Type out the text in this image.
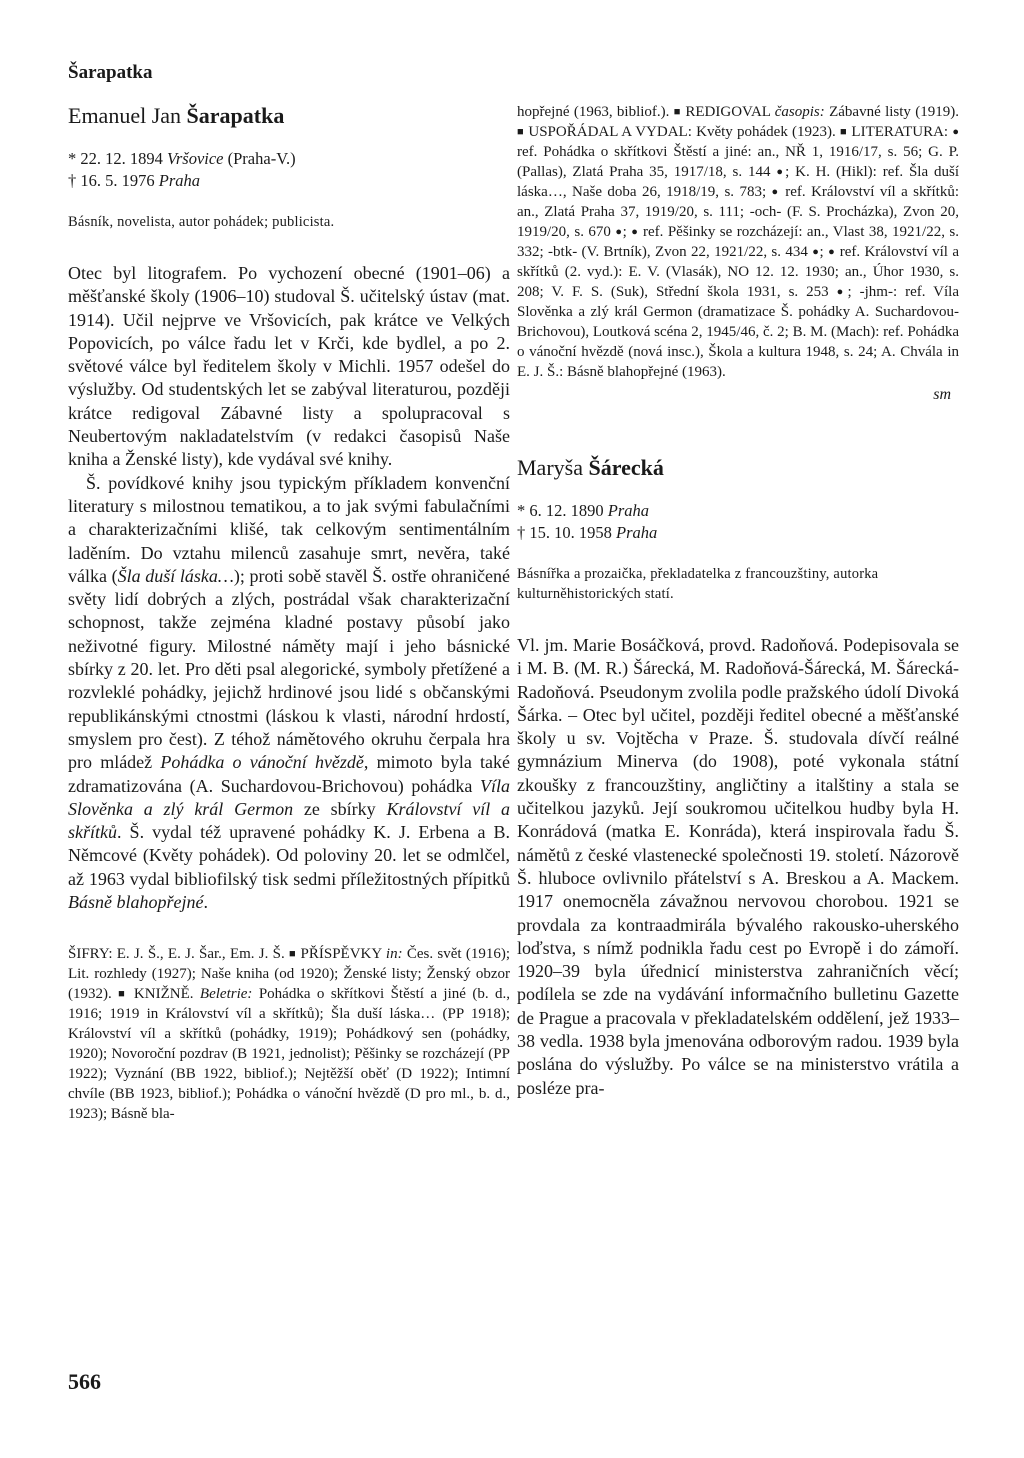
Šarapatka
Emanuel Jan Šarapatka
* 22. 12. 1894 Vršovice (Praha-V.)
† 16. 5. 1976 Praha
Básník, novelista, autor pohádek; publicista.

Otec byl litografem. Po vychození obecné (1901–06) a měšťanské školy (1906–10) studoval Š. učitelský ústav (mat. 1914). Učil nejprve ve Vršovicích, pak krátce ve Velkých Popovicích, po válce řadu let v Krči, kde bydlel, a po 2. světové válce byl ředitelem školy v Michli. 1957 odešel do výslužby. Od studentských let se zabýval literaturou, později krátce redigoval Zábavné listy a spolupracoval s Neubertovým nakladatelstvím (v redakci časopisů Naše kniha a Ženské listy), kde vydával své knihy.

Š. povídkové knihy jsou typickým příkladem konvenční literatury s milostnou tematikou, a to jak svými fabulačními a charakterizačními klišé, tak celkovým sentimentálním laděním. Do vztahu milenců zasahuje smrt, nevěra, také válka (Šla duší láska…); proti sobě stavěl Š. ostře ohraničené světy lidí dobrých a zlých, postrádal však charakterizační schopnost, takže zejména kladné postavy působí jako neživotné figury. Milostné náměty mají i jeho básnické sbírky z 20. let. Pro děti psal alegorické, symboly přetížené a rozvleklé pohádky, jejichž hrdinové jsou lidé s občanskými republikánskými ctnostmi (láskou k vlasti, národní hrdostí, smyslem pro čest). Z téhož námětového okruhu čerpala hra pro mládež Pohádka o vánoční hvězdě, mimoto byla také zdramatizována (A. Suchardovou-Brichovou) pohádka Víla Slověnka a zlý král Germon ze sbírky Království víl a skřítků. Š. vydal též upravené pohádky K. J. Erbena a B. Němcové (Květy pohádek). Od poloviny 20. let se odmlčel, až 1963 vydal bibliofilský tisk sedmi příležitostných přípitků Básně blahopřejné.

ŠIFRY: E. J. Š., E. J. Šar., Em. J. Š. ■ PŘÍSPĚVKY in: Čes. svět (1916); Lit. rozhledy (1927); Naše kniha (od 1920); Ženské listy; Ženský obzor (1932). ■ KNIŽNĚ. Beletrie: Pohádka o skřítkovi Štěstí a jiné (b. d., 1916; 1919 in Království víl a skřítků); Šla duší láska… (PP 1918); Království víl a skřítků (pohádky, 1919); Pohádkový sen (pohádky, 1920); Novoroční pozdrav (B 1921, jednolist); Pěšinky se rozcházejí (PP 1922); Vyznání (BB 1922, bibliof.); Nejtěžší oběť (D 1922); Intimní chvíle (BB 1923, bibliof.); Pohádka o vánoční hvězdě (D pro ml., b. d., 1923); Básně bla-
hopřejné (1963, bibliof.). ■ REDIGOVAL časopis: Zábavné listy (1919). ■ USPOŘÁDAL A VYDAL: Květy pohádek (1923). ■ LITERATURA: ● ref. Pohádka o skřítkovi Štěstí a jiné: an., NŘ 1, 1916/17, s. 56; G. P. (Pallas), Zlatá Praha 35, 1917/18, s. 144 ●; K. H. (Hikl): ref. Šla duší láska…, Naše doba 26, 1918/19, s. 783; ● ref. Království víl a skřítků: an., Zlatá Praha 37, 1919/20, s. 111; -och- (F. S. Procházka), Zvon 20, 1919/20, s. 670 ●; ● ref. Pěšinky se rozcházejí: an., Vlast 38, 1921/22, s. 332; -btk- (V. Brtník), Zvon 22, 1921/22, s. 434 ●; ● ref. Království víl a skřítků (2. vyd.): E. V. (Vlasák), NO 12. 12. 1930; an., Úhor 1930, s. 208; V. F. S. (Suk), Střední škola 1931, s. 253 ●; -jhm-: ref. Víla Slověnka a zlý král Germon (dramatizace Š. pohádky A. Suchardovou-Brichovou), Loutková scéna 2, 1945/46, č. 2; B. M. (Mach): ref. Pohádka o vánoční hvězdě (nová insc.), Škola a kultura 1948, s. 24; A. Chvála in E. J. Š.: Básně blahopřejné (1963).
sm
Maryša Šárecká
* 6. 12. 1890 Praha
† 15. 10. 1958 Praha
Básnířka a prozaička, překladatelka z francouzštiny, autorka kulturněhistorických statí.

Vl. jm. Marie Bosáčková, provd. Radoňová. Podepisovala se i M. B. (M. R.) Šárecká, M. Radoňová-Šárecká, M. Šárecká-Radoňová. Pseudonym zvolila podle pražského údolí Divoká Šárka. – Otec byl učitel, později ředitel obecné a měšťanské školy u sv. Vojtěcha v Praze. Š. studovala dívčí reálné gymnázium Minerva (do 1908), poté vykonala státní zkoušky z francouzštiny, angličtiny a italštiny a stala se učitelkou jazyků. Její soukromou učitelkou hudby byla H. Konrádová (matka E. Konráda), která inspirovala řadu Š. námětů z české vlastenecké společnosti 19. století. Názorově Š. hluboce ovlivnilo přátelství s A. Breskou a A. Mackem. 1917 onemocněla závažnou nervovou chorobou. 1921 se provdala za kontraadmirála bývalého rakousko-uherského loďstva, s nímž podnikla řadu cest po Evropě i do zámoří. 1920–39 byla úřednicí ministerstva zahraničních věcí; podílela se zde na vydávání informačního bulletinu Gazette de Prague a pracovala v překladatelském oddělení, jež 1933–38 vedla. 1938 byla jmenována odborovým radou. 1939 byla poslána do výslužby. Po válce se na ministerstvo vrátila a posléze pra-

566
